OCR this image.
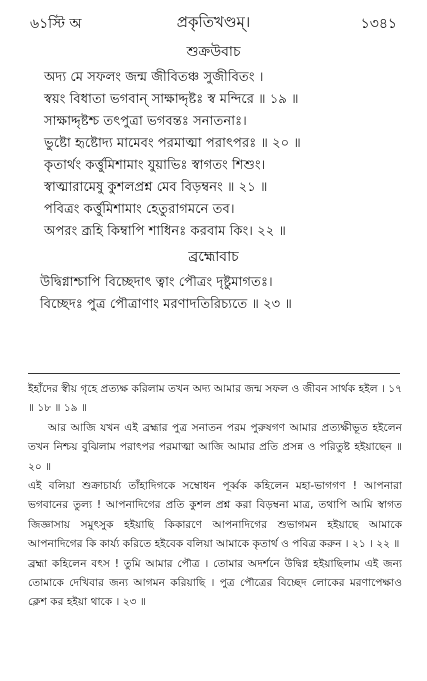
৬১স্টি অ	প্রকৃতিখণ্ডম্।	১৩৪১
শুক্রউবাচ
অদ্য মে সফলং জন্ম জীবিতঞ্চ সুজীবিতং ।
স্বয়ং বিধাতা ভগবান্ সাক্ষাদ্দৃষ্টঃ স্ব মন্দিরে ॥ ১৯ ॥
সাক্ষাদ্দৃষ্টশ্চ তৎপুত্রা ভগবন্তঃ সনাতনাঃ।
ভুষ্টো হৃষ্টোদ্য মামেবং পরমাত্মা পরাৎপরঃ ॥ ২০ ॥
কৃতার্থং কর্ত্তুমিশামাং যুয়াভিঃ স্বাগতং শিশুং।
স্বাত্মারামেষু কুশলপ্রশ্ন মেব বিড়ম্বনং ॥ ২১ ॥
পবিত্রং কর্ত্তুমিশামাং হেতুরাগমনে তব।
অপরং ব্রূহি কিম্বাপি শাধিনঃ করবাম কিং। ২২ ॥
ব্রহ্মোবাচ
উদ্বিগ্নাশ্চাপি বিচ্ছেদাৎ ত্বাং পৌত্রং দৃষ্টুমাগতঃ।
বিচ্ছেদঃ পুত্র পৌত্রাণাং মরণাদতিরিচ্যতে ॥ ২৩ ॥

ইহাঁদের স্বীয় গৃহে প্রত্যক্ষ করিলাম তখন অদ্য আমার জন্ম সফল ও জীবন সার্থক হইল । ১৭ ॥ ১৮ ॥ ১৯ ॥

আর আজি যখন এই ব্রহ্মার পুত্র সনাতন পরম পুরুষগণ আমার প্রত্যক্ষীভূত হইলেন তখন নিশ্চয় বুঝিলাম পরাৎপর পরমাত্মা আজি আমার প্রতি প্রসন্ন ও পরিতুষ্ট হইয়াছেন ॥ ২০ ॥

এই বলিয়া শুক্রাচার্য্য তাঁহাদিগকে সম্বোধন পূর্ব্বক কহিলেন মহা-ভাগগণ ! আপনারা ভগবানের তুল্য ! আপনাদিগের প্রতি কুশল প্রশ্ন করা বিড়ম্বনা মাত্র, তথাপি আমি স্বাগত জিজ্ঞাসায় সমুৎসুক হইয়াছি কিকারণে আপনাদিগের শুভাগমন হইয়াছে আমাকে আপনাদিগের কি কার্য্য করিতে হইবেক বলিয়া আমাকে কৃতার্থ ও পবিত্র করুন । ২১ । ২২ ॥

ব্রহ্মা কহিলেন বৎস ! তুমি আমার পৌত্র । তোমার অদর্শনে উদ্বিগ্ন হইয়াছিলাম এই জন্য তোমাকে দেখিবার জন্য আগমন করিয়াছি । পুত্র পৌত্রের বিচ্ছেদ লোকের মরণাপেক্ষাও ক্লেশ কর হইয়া থাকে । ২৩ ॥
